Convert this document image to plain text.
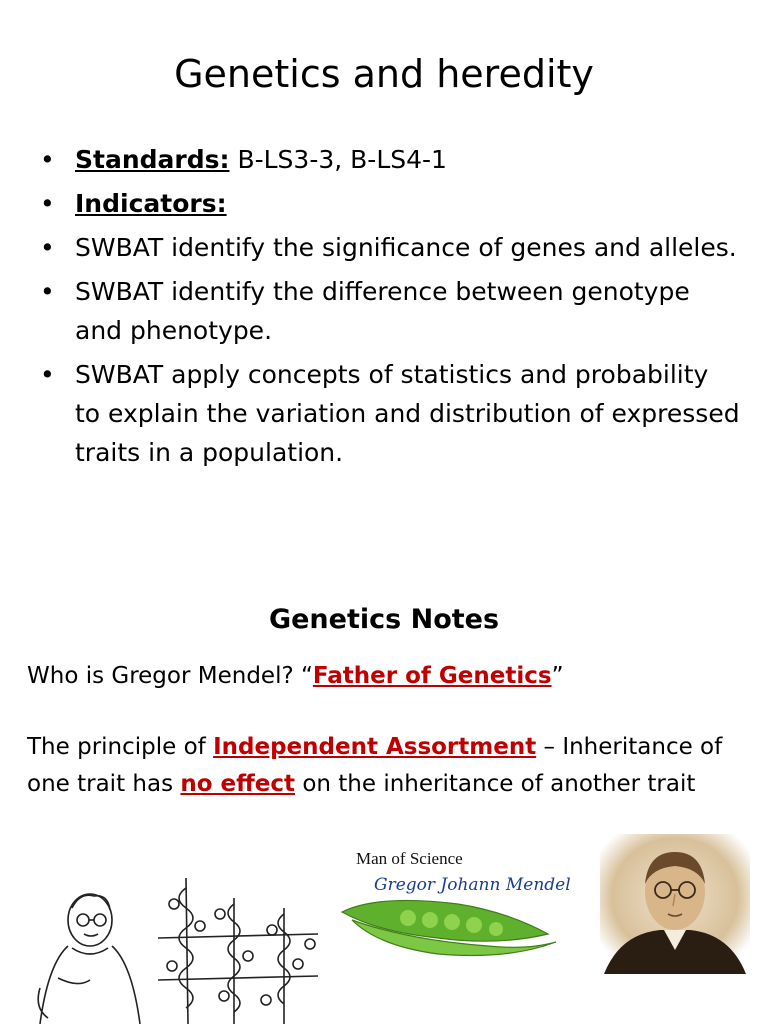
Genetics and heredity
• Standards: B-LS3-3, B-LS4-1
• Indicators:
• SWBAT identify the significance of genes and alleles.
• SWBAT identify the difference between genotype and phenotype.
• SWBAT apply concepts of statistics and probability to explain the variation and distribution of expressed traits in a population.
Genetics Notes
Who is Gregor Mendel? “Father of Genetics”
The principle of Independent Assortment – Inheritance of one trait has no effect on the inheritance of another trait
Man of Science
Gregor Johann Mendel
